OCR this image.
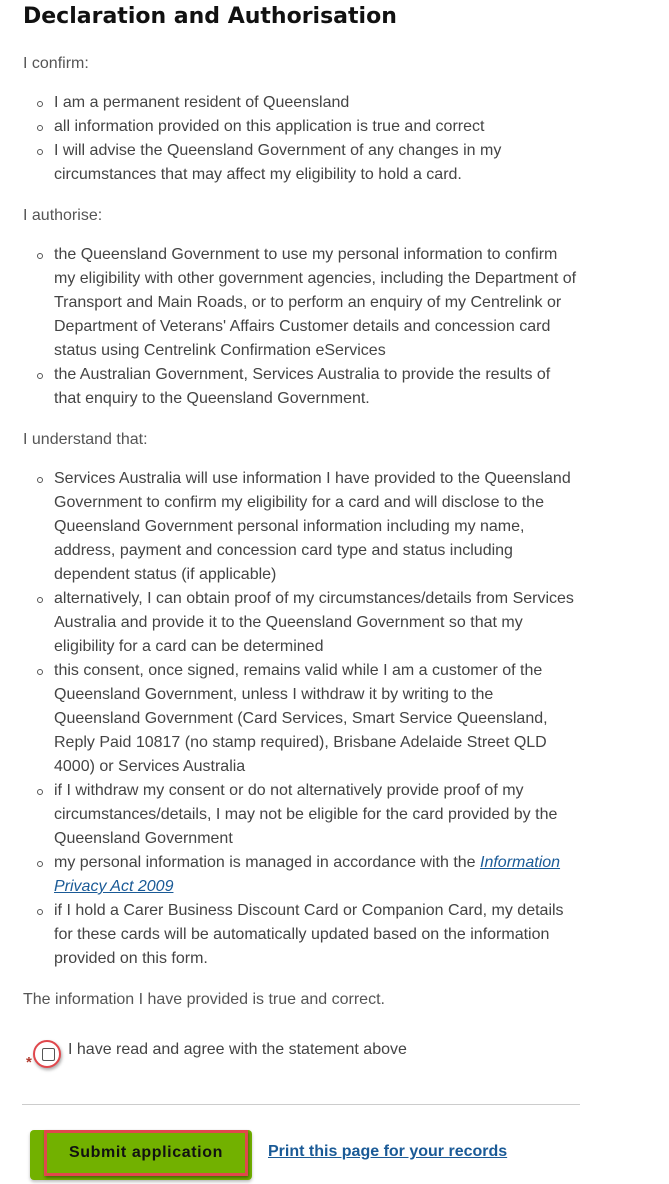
Declaration and Authorisation

I confirm:

I am a permanent resident of Queensland
all information provided on this application is true and correct
I will advise the Queensland Government of any changes in my circumstances that may affect my eligibility to hold a card.

I authorise:

the Queensland Government to use my personal information to confirm my eligibility with other government agencies, including the Department of Transport and Main Roads, or to perform an enquiry of my Centrelink or Department of Veterans' Affairs Customer details and concession card status using Centrelink Confirmation eServices
the Australian Government, Services Australia to provide the results of that enquiry to the Queensland Government.

I understand that:

Services Australia will use information I have provided to the Queensland Government to confirm my eligibility for a card and will disclose to the Queensland Government personal information including my name, address, payment and concession card type and status including dependent status (if applicable)
alternatively, I can obtain proof of my circumstances/details from Services Australia and provide it to the Queensland Government so that my eligibility for a card can be determined
this consent, once signed, remains valid while I am a customer of the Queensland Government, unless I withdraw it by writing to the Queensland Government (Card Services, Smart Service Queensland, Reply Paid 10817 (no stamp required), Brisbane Adelaide Street QLD 4000) or Services Australia
if I withdraw my consent or do not alternatively provide proof of my circumstances/details, I may not be eligible for the card provided by the Queensland Government
my personal information is managed in accordance with the Information Privacy Act 2009
if I hold a Carer Business Discount Card or Companion Card, my details for these cards will be automatically updated based on the information provided on this form.

The information I have provided is true and correct.

*
I have read and agree with the statement above
Submit application	Print this page for your records
